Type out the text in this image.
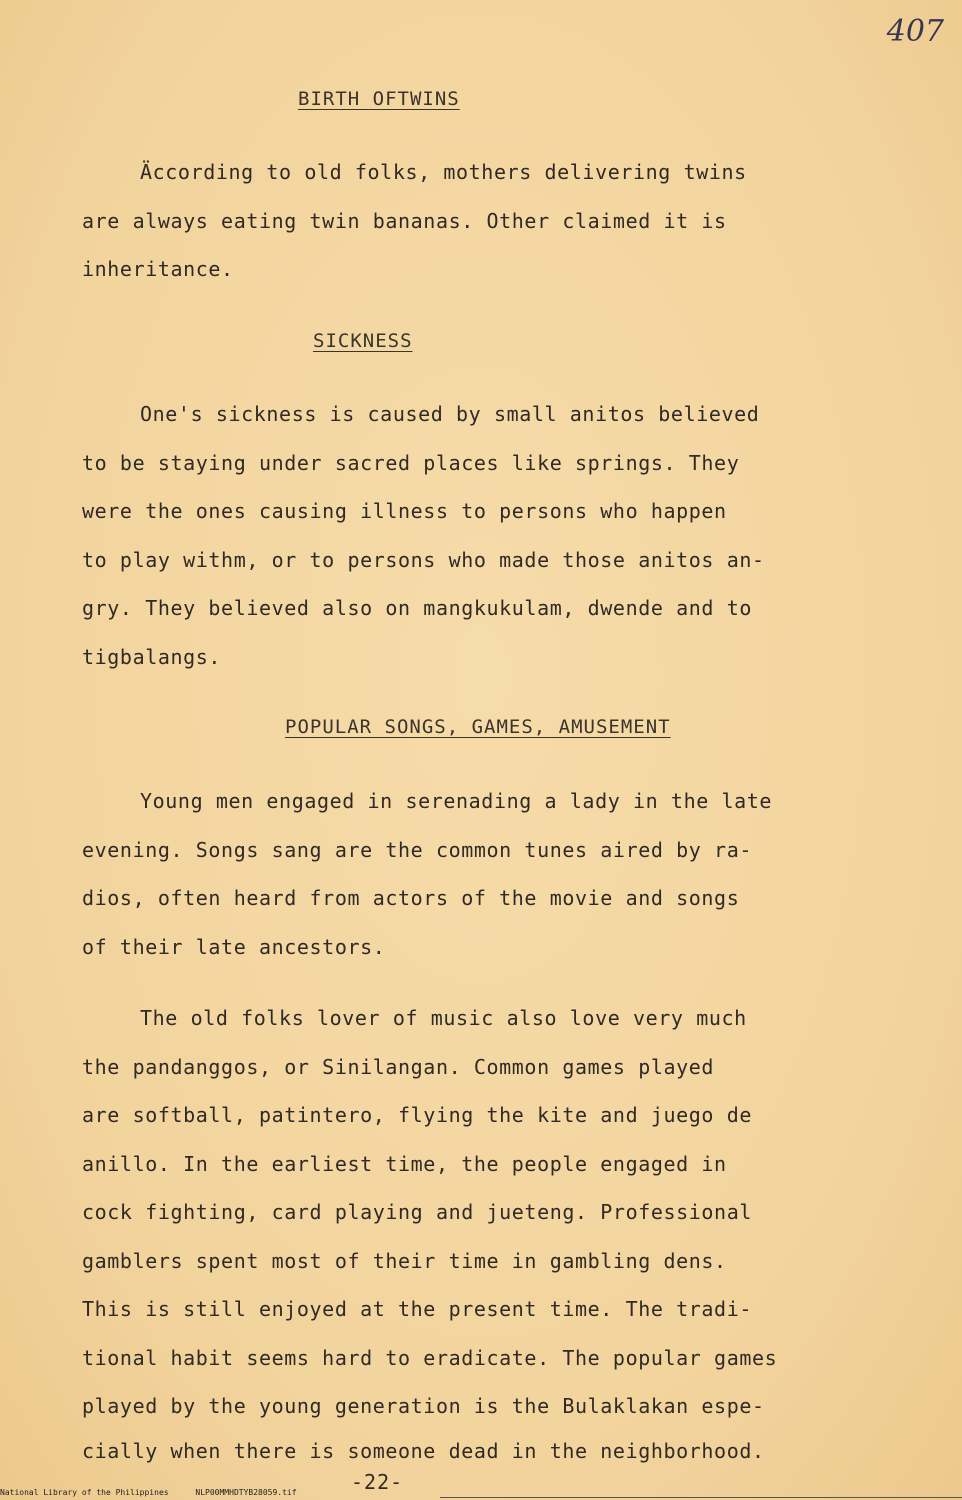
407
BIRTH OFTWINS
Äccording to old folks, mothers delivering twins
are always eating twin bananas. Other claimed it is
inheritance.
SICKNESS
One's sickness is caused by small anitos believed
to be staying under sacred places like springs. They
were the ones causing illness to persons who happen
to play withm, or to persons who made those anitos an-
gry. They believed also on mangkukulam, dwende and to
tigbalangs.
POPULAR SONGS, GAMES, AMUSEMENT
Young men engaged in serenading a lady in the late
evening. Songs sang are the common tunes aired by ra-
dios, often heard from actors of the movie and songs
of their late ancestors.
The old folks lover of music also love very much
the pandanggos, or Sinilangan. Common games played
are softball, patintero, flying the kite and juego de
anillo. In the earliest time, the people engaged in
cock fighting, card playing and jueteng. Professional
gamblers spent most of their time in gambling dens.
This is still enjoyed at the present time. The tradi-
tional habit seems hard to eradicate. The popular games
played by the young generation is the Bulaklakan espe-
cially when there is someone dead in the neighborhood.
-22-
National Library of the Philippines	NLP00MMHDTYB28059.tif
